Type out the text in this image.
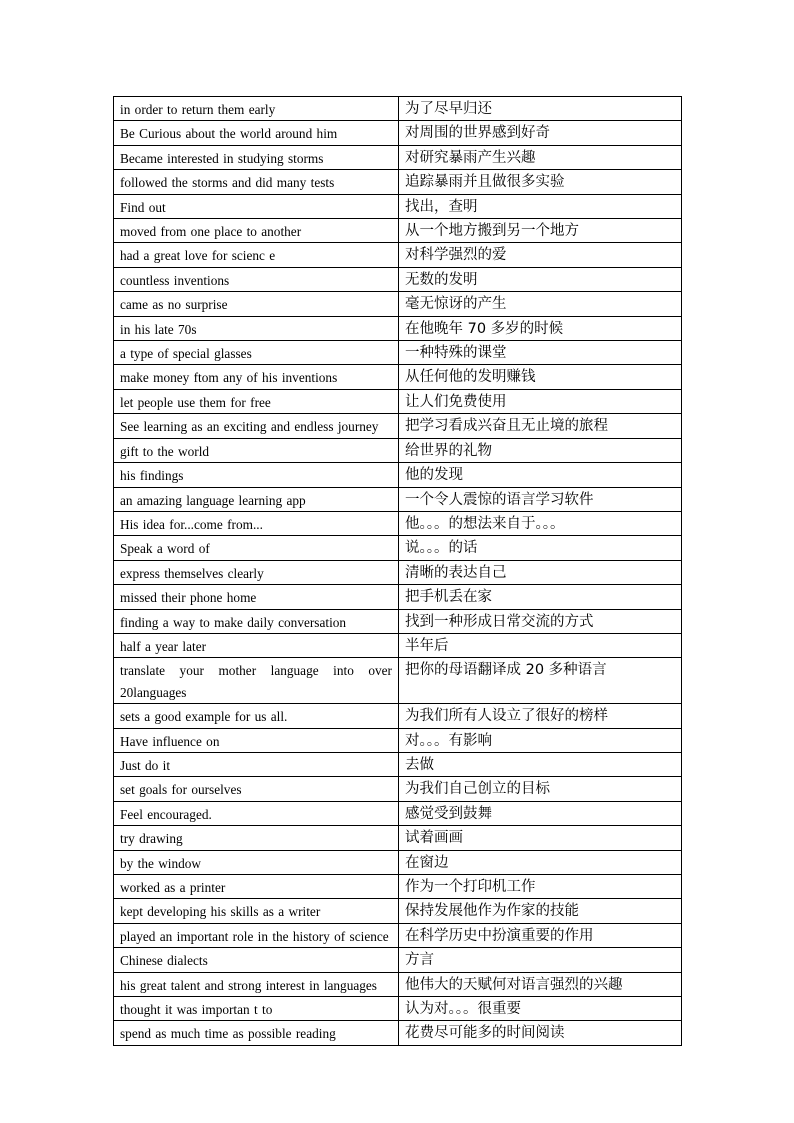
in order to return them early	为了尽早归还
Be Curious about the world around him	对周围的世界感到好奇
Became interested in studying storms	对研究暴雨产生兴趣
followed the storms and did many tests	追踪暴雨并且做很多实验
Find out	找出，查明
moved from one place to another	从一个地方搬到另一个地方
had a great love for scienc e	对科学强烈的爱
countless inventions	无数的发明
came as no surprise	毫无惊讶的产生
in his late 70s	在他晚年 70 多岁的时候
a type of special glasses	一种特殊的课堂
make money ftom any of his inventions	从任何他的发明赚钱
let people use them for free	让人们免费使用
See learning as an exciting and endless journey	把学习看成兴奋且无止境的旅程
gift to the world	给世界的礼物
his findings	他的发现
an amazing language learning app	一个令人震惊的语言学习软件
His idea for...come from...	他。。。的想法来自于。。。
Speak a word of	说。。。的话
express themselves clearly	清晰的表达自己
missed their phone home	把手机丢在家
finding a way to make daily conversation	找到一种形成日常交流的方式
half a year later	半年后
translate your mother language into over 20languages	把你的母语翻译成 20 多种语言
sets a good example for us all.	为我们所有人设立了很好的榜样
Have influence on	对。。。有影响
Just do it	去做
set goals for ourselves	为我们自己创立的目标
Feel encouraged.	感觉受到鼓舞
try drawing	试着画画
by the window	在窗边
worked as a printer	作为一个打印机工作
kept developing his skills as a writer	保持发展他作为作家的技能
played an important role in the history of science	在科学历史中扮演重要的作用
Chinese dialects	方言
his great talent and strong interest in languages	他伟大的天赋何对语言强烈的兴趣
thought it was importan t to	认为对。。。很重要
spend as much time as possible reading	花费尽可能多的时间阅读
